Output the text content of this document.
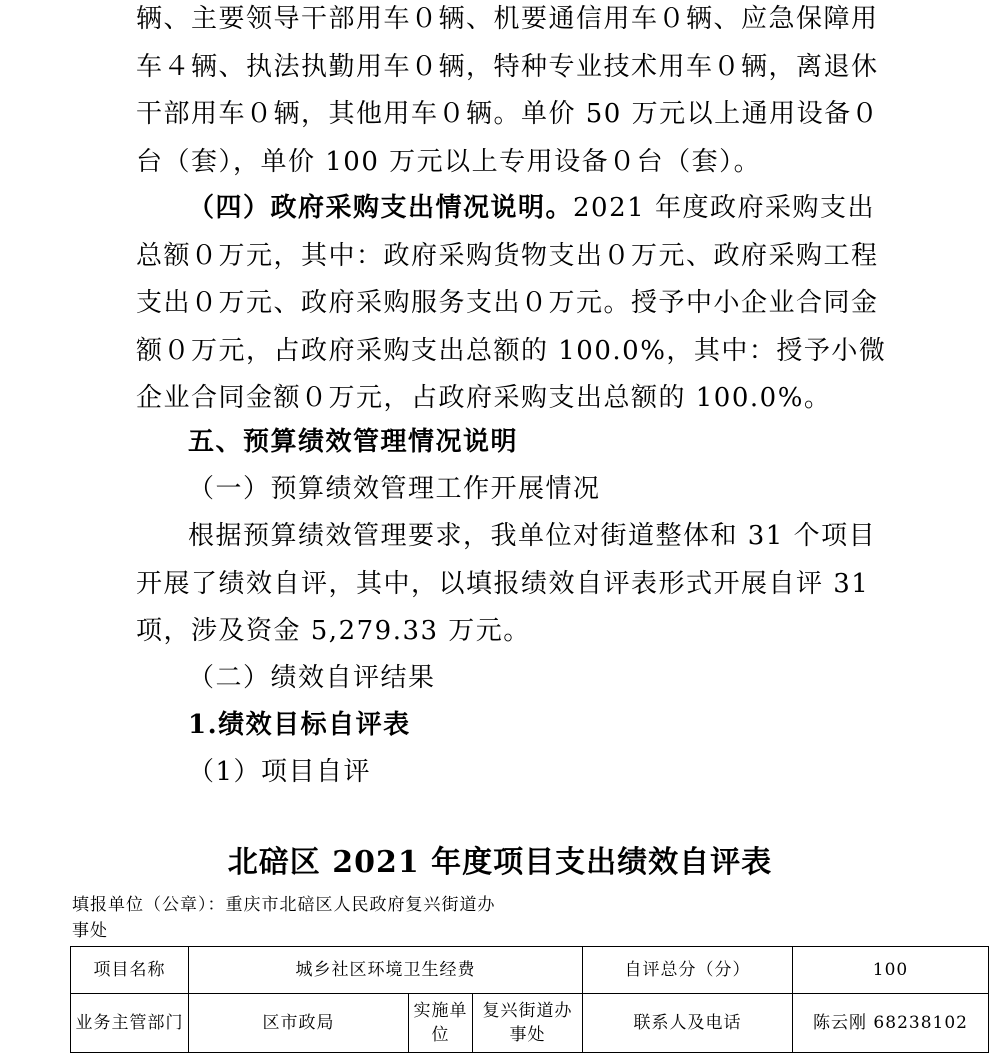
辆、主要领导干部用车０辆、机要通信用车０辆、应急保障用车４辆、执法执勤用车０辆，特种专业技术用车０辆，离退休干部用车０辆，其他用车０辆。单价 50 万元以上通用设备０台（套），单价 100 万元以上专用设备０台（套）。

（四）政府采购支出情况说明。2021 年度政府采购支出总额０万元，其中：政府采购货物支出０万元、政府采购工程支出０万元、政府采购服务支出０万元。授予中小企业合同金额０万元，占政府采购支出总额的 100.0%，其中：授予小微企业合同金额０万元，占政府采购支出总额的 100.0%。

五、预算绩效管理情况说明

（一）预算绩效管理工作开展情况

根据预算绩效管理要求，我单位对街道整体和 31 个项目开展了绩效自评，其中，以填报绩效自评表形式开展自评 31 项，涉及资金 5,279.33 万元。

（二）绩效自评结果

1.绩效目标自评表

（1）项目自评

北碚区 2021 年度项目支出绩效自评表

填报单位（公章）：重庆市北碚区人民政府复兴街道办事处

项目名称	城乡社区环境卫生经费			自评总分（分）	100
业务主管部门	区市政局	实施单位	复兴街道办事处	联系人及电话	陈云刚 68238102
